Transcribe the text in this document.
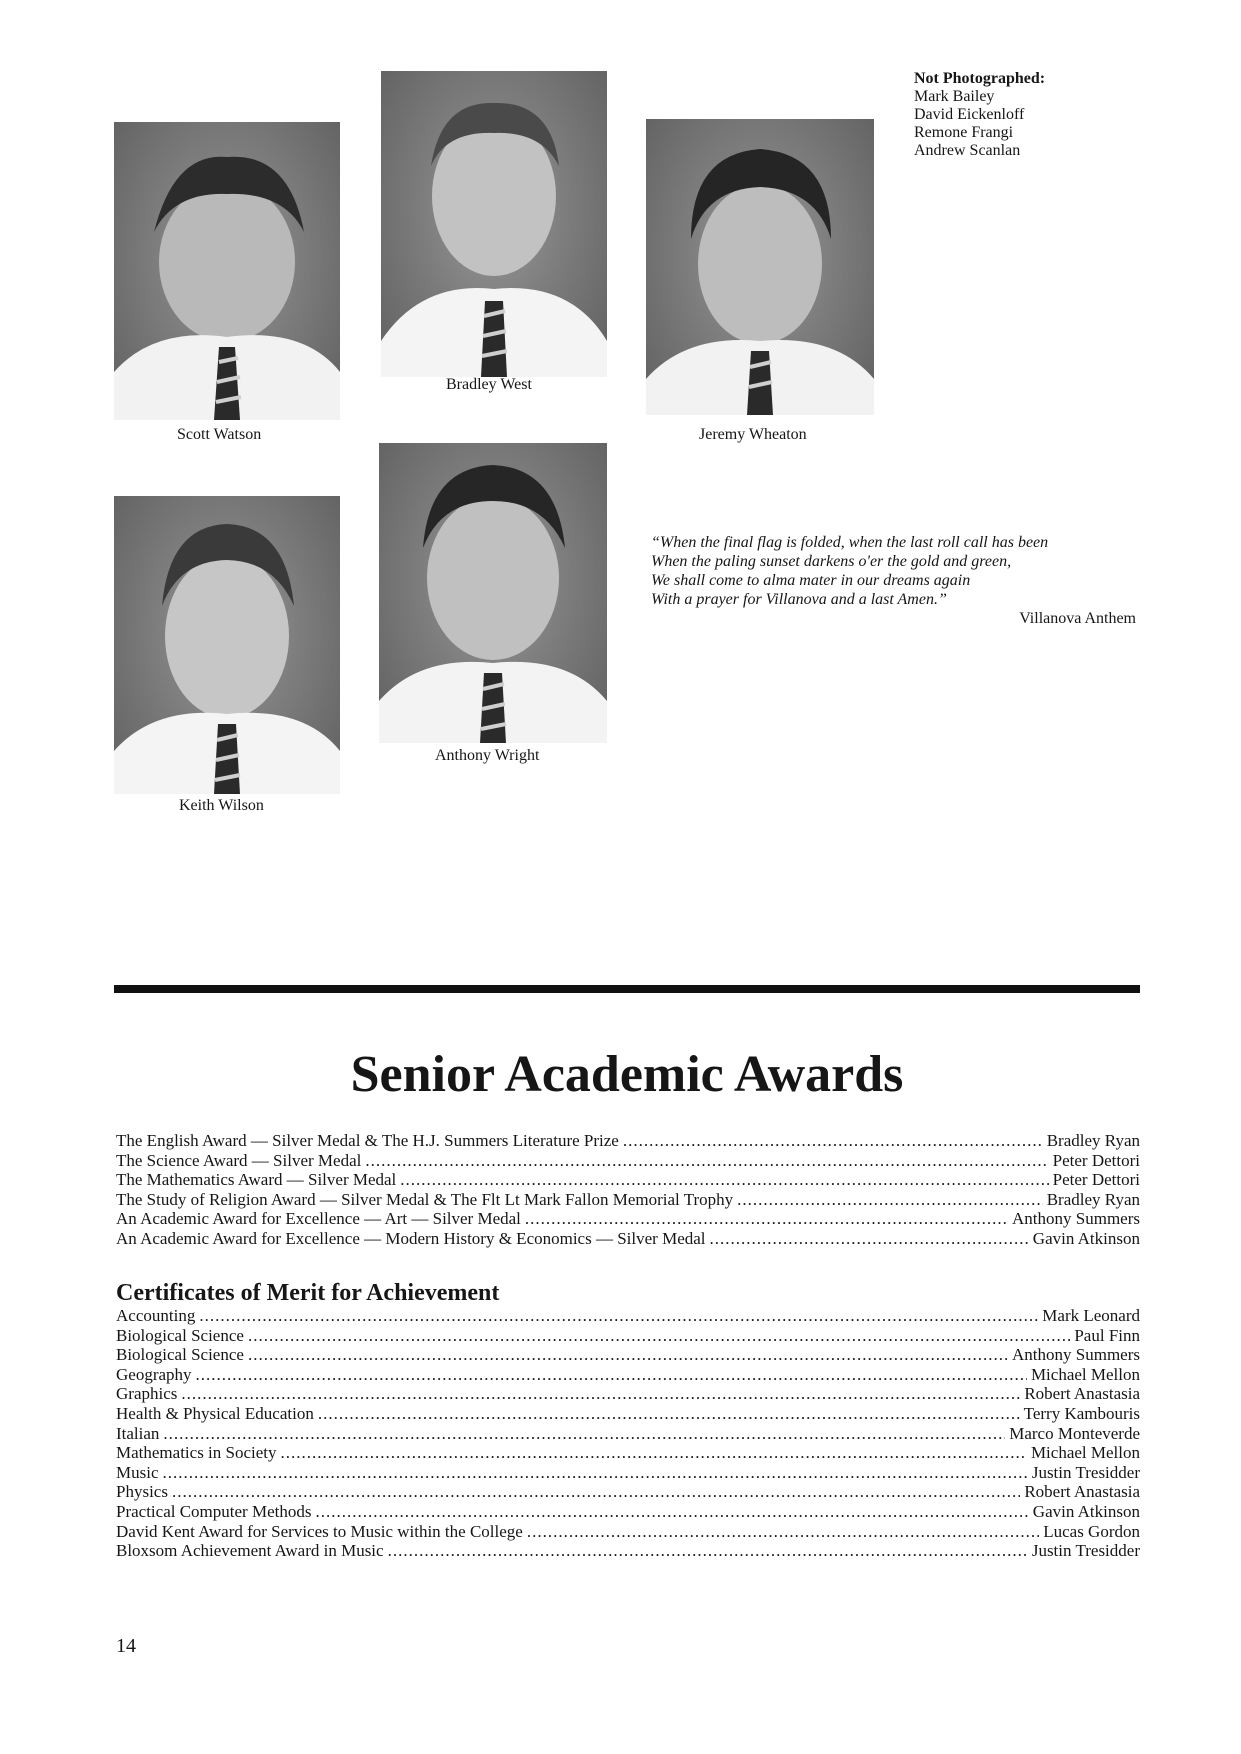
Scott Watson
Bradley West
Jeremy Wheaton
Not Photographed:
Mark Bailey
David Eickenloff
Remone Frangi
Andrew Scanlan
Keith Wilson
Anthony Wright
“When the final flag is folded, when the last roll call has been
When the paling sunset darkens o'er the gold and green,
We shall come to alma mater in our dreams again
With a prayer for Villanova and a last Amen.”
Villanova Anthem
Senior Academic Awards
The English Award — Silver Medal & The H.J. Summers Literature Prize .....	Bradley Ryan
The Science Award — Silver Medal .....	Peter Dettori
The Mathematics Award — Silver Medal .....	Peter Dettori
The Study of Religion Award — Silver Medal & The Flt Lt Mark Fallon Memorial Trophy .....	Bradley Ryan
An Academic Award for Excellence — Art — Silver Medal .....	Anthony Summers
An Academic Award for Excellence — Modern History & Economics — Silver Medal .....	Gavin Atkinson
Certificates of Merit for Achievement
Accounting .....	Mark Leonard
Biological Science .....	Paul Finn
Biological Science .....	Anthony Summers
Geography .....	Michael Mellon
Graphics .....	Robert Anastasia
Health & Physical Education .....	Terry Kambouris
Italian .....	Marco Monteverde
Mathematics in Society .....	Michael Mellon
Music .....	Justin Tresidder
Physics .....	Robert Anastasia
Practical Computer Methods .....	Gavin Atkinson
David Kent Award for Services to Music within the College .....	Lucas Gordon
Bloxsom Achievement Award in Music .....	Justin Tresidder
14
